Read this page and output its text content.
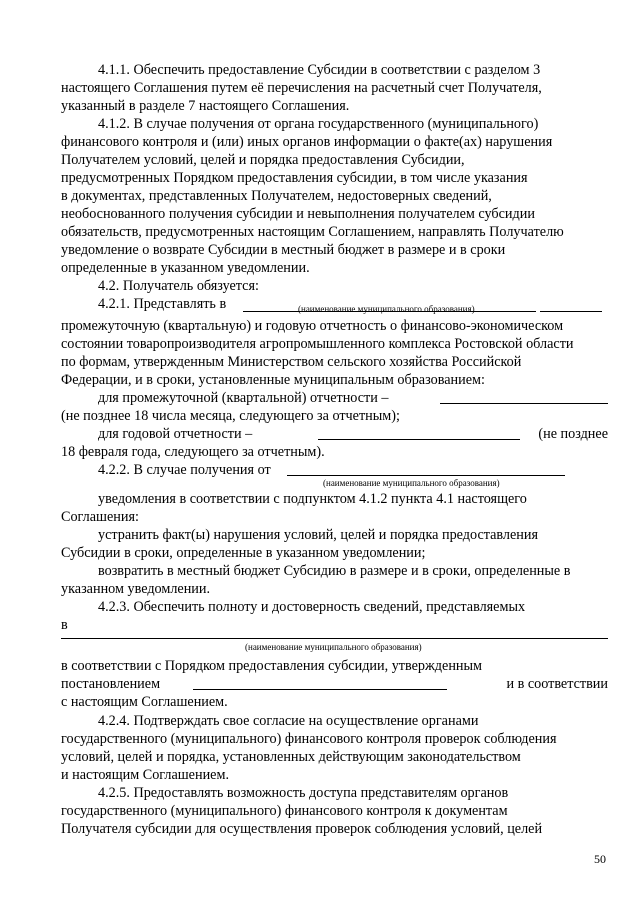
4.1.1. Обеспечить предоставление Субсидии в соответствии с разделом 3
настоящего Соглашения путем её перечисления на расчетный счет Получателя,
указанный в разделе 7 настоящего Соглашения.
4.1.2. В случае получения от органа государственного (муниципального)
финансового контроля и (или) иных органов информации о факте(ах) нарушения
Получателем условий, целей и порядка предоставления Субсидии,
предусмотренных Порядком предоставления субсидии, в том числе указания
в документах, представленных Получателем, недостоверных сведений,
необоснованного получения субсидии и невыполнения получателем субсидии
обязательств, предусмотренных настоящим Соглашением, направлять Получателю
уведомление о возврате Субсидии в местный бюджет в размере и в сроки
определенные в указанном уведомлении.
4.2. Получатель обязуется:
4.2.1. Представлять в	(наименование муниципального образования)
промежуточную (квартальную) и годовую отчетность о финансово-экономическом
состоянии товаропроизводителя агропромышленного комплекса Ростовской области
по формам, утвержденным Министерством сельского хозяйства Российской
Федерации, и в сроки, установленные муниципальным образованием:
для промежуточной (квартальной) отчетности –
(не позднее 18 числа месяца, следующего за отчетным);
для годовой отчетности –	(не позднее
18 февраля года, следующего за отчетным).
4.2.2. В случае получения от
(наименование муниципального образования)
уведомления в соответствии с подпунктом 4.1.2 пункта 4.1 настоящего
Соглашения:
устранить факт(ы) нарушения условий, целей и порядка предоставления
Субсидии в сроки, определенные в указанном уведомлении;
возвратить в местный бюджет Субсидию в размере и в сроки, определенные в
указанном уведомлении.
4.2.3. Обеспечить полноту и достоверность сведений, представляемых
в
(наименование муниципального образования)
в соответствии с Порядком предоставления субсидии, утвержденным
постановлением	и в соответствии
с настоящим Соглашением.
4.2.4. Подтверждать свое согласие на осуществление органами
государственного (муниципального) финансового контроля проверок соблюдения
условий, целей и порядка, установленных действующим законодательством
и настоящим Соглашением.
4.2.5. Предоставлять возможность доступа представителям органов
государственного (муниципального) финансового контроля к документам
Получателя субсидии для осуществления проверок соблюдения условий, целей
50
